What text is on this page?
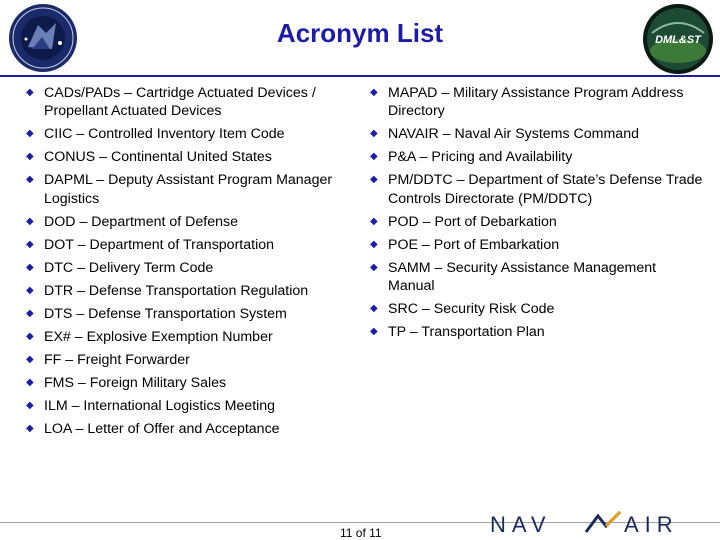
Acronym List	DML&ST
◆ CADs/PADs – Cartridge Actuated Devices / Propellant Actuated Devices
◆ CIIC – Controlled Inventory Item Code
◆ CONUS – Continental United States
◆ DAPML – Deputy Assistant Program Manager Logistics
◆ DOD – Department of Defense
◆ DOT – Department of Transportation
◆ DTC – Delivery Term Code
◆ DTR – Defense Transportation Regulation
◆ DTS – Defense Transportation System
◆ EX# – Explosive Exemption Number
◆ FF – Freight Forwarder
◆ FMS – Foreign Military Sales
◆ ILM – International Logistics Meeting
◆ LOA – Letter of Offer and Acceptance
◆ MAPAD – Military Assistance Program Address Directory
◆ NAVAIR – Naval Air Systems Command
◆ P&A – Pricing and Availability
◆ PM/DDTC – Department of State’s Defense Trade Controls Directorate (PM/DDTC)
◆ POD – Port of Debarkation
◆ POE – Port of Embarkation
◆ SAMM – Security Assistance Management Manual
◆ SRC – Security Risk Code
◆ TP – Transportation Plan
11 of 11	NAV	AIR
